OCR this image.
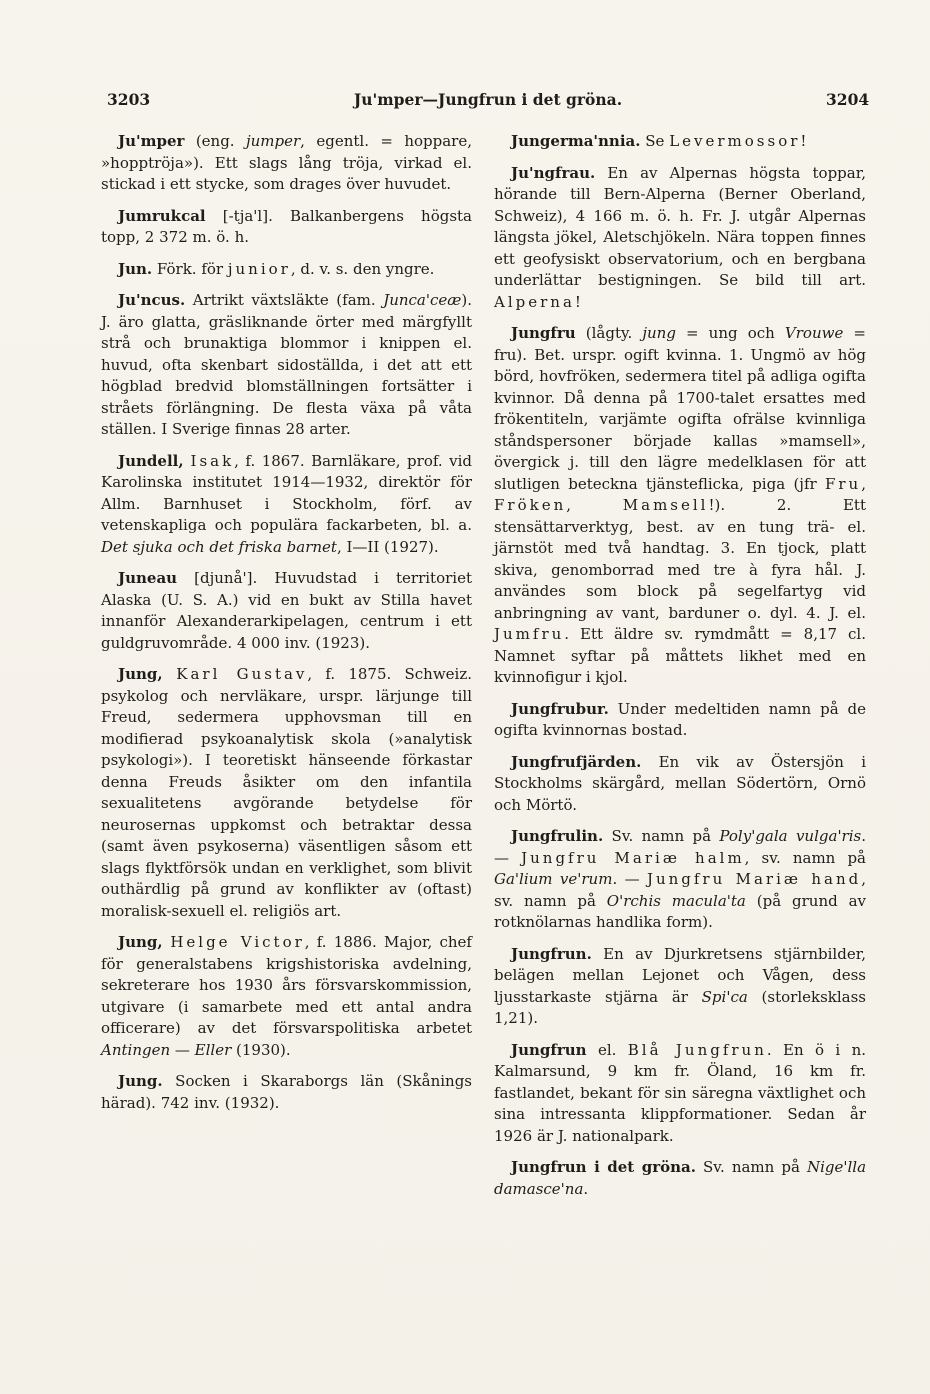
3203	Ju'mper—Jungfrun i det gröna.	3204

Ju'mper (eng. jumper, egentl. = hoppare, »hopptröja»). Ett slags lång tröja, virkad el. stickad i ett stycke, som drages över huvudet.

Jumrukcal [-tja'l]. Balkanbergens högsta topp, 2 372 m. ö. h.

Jun. Förk. för junior, d. v. s. den yngre.

Ju'ncus. Artrikt växtsläkte (fam. Junca'ceæ). J. äro glatta, gräsliknande örter med märgfyllt strå och brunaktiga blommor i knippen el. huvud, ofta skenbart sidoställda, i det att ett högblad bredvid blomställningen fortsätter i stråets förlängning. De flesta växa på våta ställen. I Sverige finnas 28 arter.

Jundell, Isak, f. 1867. Barnläkare, prof. vid Karolinska institutet 1914—1932, direktör för Allm. Barnhuset i Stockholm, förf. av vetenskapliga och populära fackarbeten, bl. a. Det sjuka och det friska barnet, I—II (1927).

Juneau [djunå']. Huvudstad i territoriet Alaska (U. S. A.) vid en bukt av Stilla havet innanför Alexanderarkipelagen, centrum i ett guldgruvområde. 4 000 inv. (1923).

Jung, Karl Gustav, f. 1875. Schweiz. psykolog och nervläkare, urspr. lärjunge till Freud, sedermera upphovsman till en modifierad psykoanalytisk skola (»analytisk psykologi»). I teoretiskt hänseende förkastar denna Freuds åsikter om den infantila sexualitetens avgörande betydelse för neurosernas uppkomst och betraktar dessa (samt även psykoserna) väsentligen såsom ett slags flyktförsök undan en verklighet, som blivit outhärdlig på grund av konflikter av (oftast) moralisk-sexuell el. religiös art.

Jung, Helge Victor, f. 1886. Major, chef för generalstabens krigshistoriska avdelning, sekreterare hos 1930 års försvarskommission, utgivare (i samarbete med ett antal andra officerare) av det försvarspolitiska arbetet Antingen — Eller (1930).

Jung. Socken i Skaraborgs län (Skånings härad). 742 inv. (1932).

Jungerma'nnia. Se Levermossor!

Ju'ngfrau. En av Alpernas högsta toppar, hörande till Bern-Alperna (Berner Oberland, Schweiz), 4 166 m. ö. h. Fr. J. utgår Alpernas längsta jökel, Aletschjökeln. Nära toppen finnes ett geofysiskt observatorium, och en bergbana underlättar bestigningen. Se bild till art. Alperna!

Jungfru (lågty. jung = ung och Vrouwe = fru). Bet. urspr. ogift kvinna. 1. Ungmö av hög börd, hovfröken, sedermera titel på adliga ogifta kvinnor. Då denna på 1700-talet ersattes med frökentiteln, varjämte ogifta ofrälse kvinnliga ståndspersoner började kallas »mamsell», övergick j. till den lägre medelklasen för att slutligen beteckna tjänsteflicka, piga (jfr Fru, Fröken, Mamsell!). 2. Ett stensättarverktyg, best. av en tung trä- el. järnstöt med två handtag. 3. En tjock, platt skiva, genomborrad med tre à fyra hål. J. användes som block på segelfartyg vid anbringning av vant, barduner o. dyl. 4. J. el. Jumfru. Ett äldre sv. rymdmått = 8,17 cl. Namnet syftar på måttets likhet med en kvinnofigur i kjol.

Jungfrubur. Under medeltiden namn på de ogifta kvinnornas bostad.

Jungfrufjärden. En vik av Östersjön i Stockholms skärgård, mellan Södertörn, Ornö och Mörtö.

Jungfrulin. Sv. namn på Poly'gala vulga'ris. — Jungfru Mariæ halm, sv. namn på Ga'lium ve'rum. — Jungfru Mariæ hand, sv. namn på O'rchis macula'ta (på grund av rotknölarnas handlika form).

Jungfrun. En av Djurkretsens stjärnbilder, belägen mellan Lejonet och Vågen, dess ljusstarkaste stjärna är Spi'ca (storleksklass 1,21).

Jungfrun el. Blå Jungfrun. En ö i n. Kalmarsund, 9 km fr. Öland, 16 km fr. fastlandet, bekant för sin säregna växtlighet och sina intressanta klippformationer. Sedan år 1926 är J. nationalpark.

Jungfrun i det gröna. Sv. namn på Nige'lla damasce'na.
